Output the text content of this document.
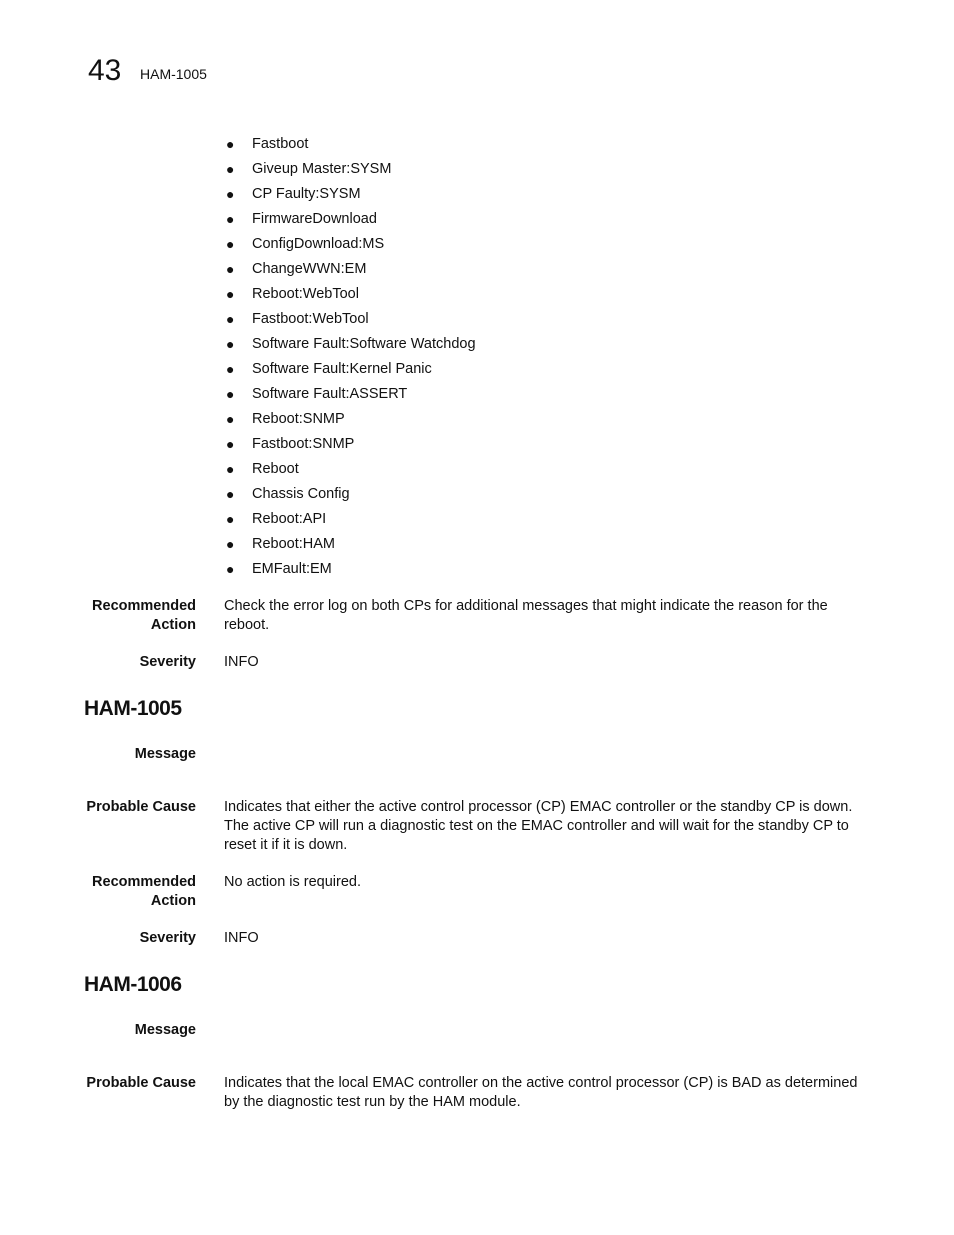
43 HAM-1005
● Fastboot
● Giveup Master:SYSM
● CP Faulty:SYSM
● FirmwareDownload
● ConfigDownload:MS
● ChangeWWN:EM
● Reboot:WebTool
● Fastboot:WebTool
● Software Fault:Software Watchdog
● Software Fault:Kernel Panic
● Software Fault:ASSERT
● Reboot:SNMP
● Fastboot:SNMP
● Reboot
● Chassis Config
● Reboot:API
● Reboot:HAM
● EMFault:EM
Recommended
Action
Check the error log on both CPs for additional messages that might indicate the reason for the reboot.
Severity INFO
HAM-1005
Message
Probable Cause Indicates that either the active control processor (CP) EMAC controller or the standby CP is down. The active CP will run a diagnostic test on the EMAC controller and will wait for the standby CP to reset it if it is down.
Recommended
Action
No action is required.
Severity INFO
HAM-1006
Message
Probable Cause Indicates that the local EMAC controller on the active control processor (CP) is BAD as determined by the diagnostic test run by the HAM module.
